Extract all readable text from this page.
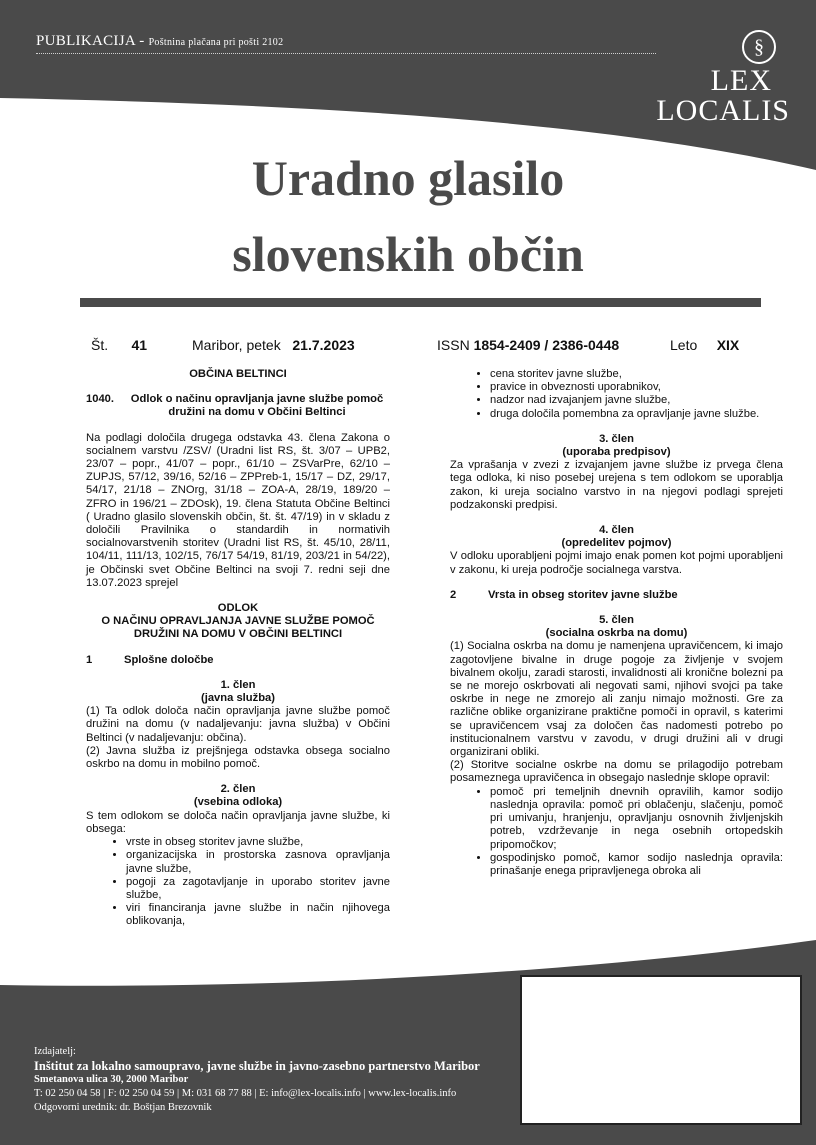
PUBLIKACIJA - Poštnina plačana pri pošti 2102	§
LEX
LOCALIS
Uradno glasilo
slovenskih občin
Št. 41	Maribor, petek 21.7.2023	ISSN 1854-2409 / 2386-0448	Leto XIX

OBČINA BELTINCI

1040.	Odlok o načinu opravljanja javne službe pomoč družini na domu v Občini Beltinci

Na podlagi določila drugega odstavka 43. člena Zakona o socialnem varstvu /ZSV/ (Uradni list RS, št. 3/07 – UPB2, 23/07 – popr., 41/07 – popr., 61/10 – ZSVarPre, 62/10 – ZUPJS, 57/12, 39/16, 52/16 – ZPPreb-1, 15/17 – DZ, 29/17, 54/17, 21/18 – ZNOrg, 31/18 – ZOA-A, 28/19, 189/20 – ZFRO in 196/21 – ZDOsk), 19. člena Statuta Občine Beltinci ( Uradno glasilo slovenskih občin, št. št. 47/19) in v skladu z določili Pravilnika o standardih in normativih socialnovarstvenih storitev (Uradni list RS, št. 45/10, 28/11, 104/11, 111/13, 102/15, 76/17 54/19, 81/19, 203/21 in 54/22), je Občinski svet Občine Beltinci na svoji 7. redni seji dne 13.07.2023 sprejel

ODLOK

O NAČINU OPRAVLJANJA JAVNE SLUŽBE POMOČ DRUŽINI NA DOMU V OBČINI BELTINCI

1	Splošne določbe

1. člen

(javna služba)

(1) Ta odlok določa način opravljanja javne službe pomoč družini na domu (v nadaljevanju: javna služba) v Občini Beltinci (v nadaljevanju: občina).

(2) Javna služba iz prejšnjega odstavka obsega socialno oskrbo na domu in mobilno pomoč.

2. člen

(vsebina odloka)

S tem odlokom se določa način opravljanja javne službe, ki obsega:

• vrste in obseg storitev javne službe,
• organizacijska in prostorska zasnova opravljanja javne službe,
• pogoji za zagotavljanje in uporabo storitev javne službe,
• viri financiranja javne službe in način njihovega oblikovanja,
• cena storitev javne službe,
• pravice in obveznosti uporabnikov,
• nadzor nad izvajanjem javne službe,
• druga določila pomembna za opravljanje javne službe.

3. člen

(uporaba predpisov)

Za vprašanja v zvezi z izvajanjem javne službe iz prvega člena tega odloka, ki niso posebej urejena s tem odlokom se uporablja zakon, ki ureja socialno varstvo in na njegovi podlagi sprejeti podzakonski predpisi.

4. člen

(opredelitev pojmov)

V odloku uporabljeni pojmi imajo enak pomen kot pojmi uporabljeni v zakonu, ki ureja področje socialnega varstva.

2	Vrsta in obseg storitev javne službe

5. člen

(socialna oskrba na domu)

(1) Socialna oskrba na domu je namenjena upravičencem, ki imajo zagotovljene bivalne in druge pogoje za življenje v svojem bivalnem okolju, zaradi starosti, invalidnosti ali kronične bolezni pa se ne morejo oskrbovati ali negovati sami, njihovi svojci pa take oskrbe in nege ne zmorejo ali zanju nimajo možnosti. Gre za različne oblike organizirane praktične pomoči in opravil, s katerimi se upravičencem vsaj za določen čas nadomesti potrebo po institucionalnem varstvu v zavodu, v drugi družini ali v drugi organizirani obliki.

(2) Storitve socialne oskrbe na domu se prilagodijo potrebam posameznega upravičenca in obsegajo naslednje sklope opravil:

• pomoč pri temeljnih dnevnih opravilih, kamor sodijo naslednja opravila: pomoč pri oblačenju, slačenju, pomoč pri umivanju, hranjenju, opravljanju osnovnih življenjskih potreb, vzdrževanje in nega osebnih ortopedskih pripomočkov;
• gospodinjsko pomoč, kamor sodijo naslednja opravila: prinašanje enega pripravljenega obroka ali
Izdajatelj:
Inštitut za lokalno samoupravo, javne službe in javno-zasebno partnerstvo Maribor
Smetanova ulica 30, 2000 Maribor
T: 02 250 04 58 | F: 02 250 04 59 | M: 031 68 77 88 | E: info@lex-localis.info | www.lex-localis.info
Odgovorni urednik: dr. Boštjan Brezovnik
